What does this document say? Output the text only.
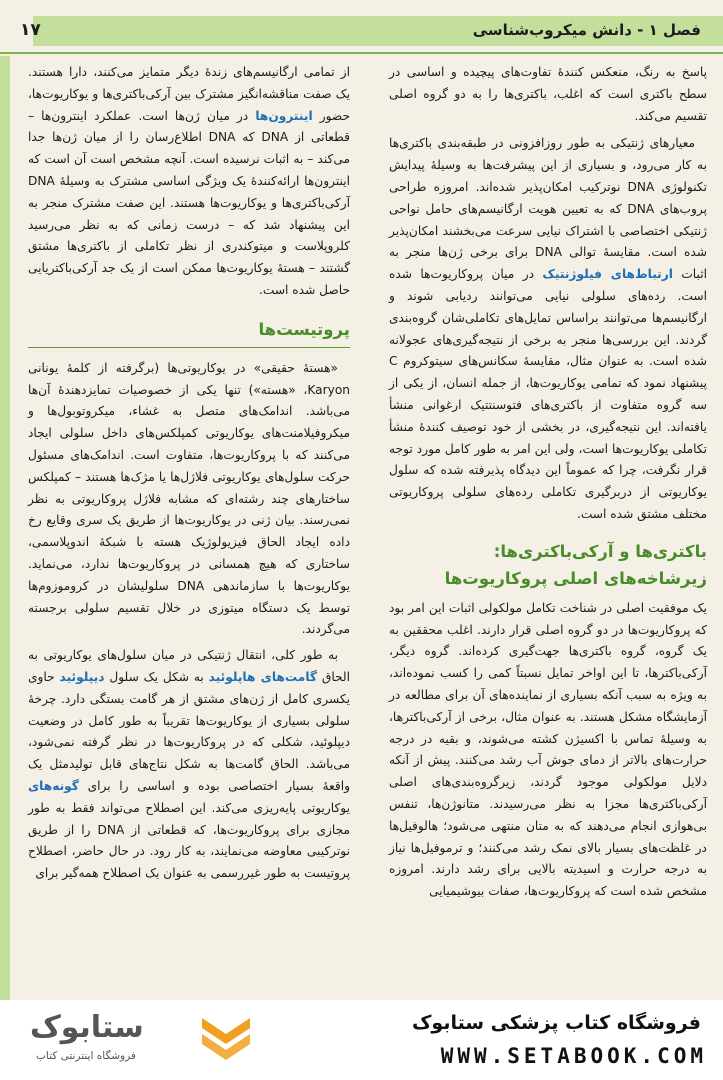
فصل ۱ - دانش میکروب‌شناسی
۱۷

پاسخ به رنگ، منعکس کنندهٔ تفاوت‌های پیچیده و اساسی در سطح باکتری است که اغلب، باکتری‌ها را به دو گروه اصلی تقسیم می‌کند.

معیارهای ژنتیکی به طور روزافزونی در طبقه‌بندی باکتری‌ها به کار می‌رود، و بسیاری از این پیشرفت‌ها به وسیلهٔ پیدایش تکنولوژی DNA نوترکیب امکان‌پذیر شده‌اند. امروزه طراحی پروب‌های DNA که به تعیین هویت ارگانیسم‌های حامل نواحی ژنتیکی اختصاصی با اشتراک نیایی سرعت می‌بخشند امکان‌پذیر شده است. مقایسهٔ توالی DNA برای برخی ژن‌ها منجر به اثبات ارتباط‌های فیلوژنتیک در میان پروکاریوت‌ها شده است. رده‌های سلولی نیایی می‌توانند ردیابی شوند و ارگانیسم‌ها می‌توانند براساس تمایل‌های تکاملی‌شان گروه‌بندی گردند. این بررسی‌ها منجر به برخی از نتیجه‌گیری‌های عجولانه شده است. به عنوان مثال، مقایسهٔ سکانس‌های سیتوکروم C پیشنهاد نمود که تمامی یوکاریوت‌ها، از جمله انسان، از یکی از سه گروه متفاوت از باکتری‌های فتوسنتتیک ارغوانی منشأ یافته‌اند. این نتیجه‌گیری، در بخشی از خود توصیف کنندهٔ منشأ تکاملی یوکاریوت‌ها است، ولی این امر به طور کامل مورد توجه قرار نگرفت، چرا که عموماً این دیدگاه پذیرفته شده که سلول یوکاریوتی از دربرگیری تکاملی رده‌های سلولی پروکاریوتی مختلف مشتق شده است.

باکتری‌ها و آرکی‌باکتری‌ها: زیرشاخه‌های اصلی پروکاریوت‌ها

یک موفقیت اصلی در شناخت تکامل مولکولی اثبات این امر بود که پروکاریوت‌ها در دو گروه اصلی قرار دارند. اغلب محققین به یک گروه، گروه باکتری‌ها جهت‌گیری کرده‌اند. گروه دیگر، آرکی‌باکترها، تا این اواخر تمایل نسبتاً کمی را کسب نموده‌اند، به ویژه به سبب آنکه بسیاری از نماینده‌های آن برای مطالعه در آزمایشگاه مشکل هستند. به عنوان مثال، برخی از آرکی‌باکترها، به وسیلهٔ تماس با اکسیژن کشته می‌شوند، و بقیه در درجه حرارت‌های بالاتر از دمای جوش آب رشد می‌کنند. پیش از آنکه دلایل مولکولی موجود گردند، زیرگروه‌بندی‌های اصلی آرکی‌باکتری‌ها مجزا به نظر می‌رسیدند. متانوژن‌ها، تنفس بی‌هوازی انجام می‌دهند که به متان منتهی می‌شود؛ هالوفیل‌ها در غلظت‌های بسیار بالای نمک رشد می‌کنند؛ و ترموفیل‌ها نیاز به درجه حرارت و اسیدیته بالایی برای رشد دارند. امروزه مشخص شده است که پروکاریوت‌ها، صفات بیوشیمیایی

از تمامی ارگانیسم‌های زندهٔ دیگر متمایز می‌کنند، دارا هستند. یک صفت مناقشه‌انگیز مشترک بین آرکی‌باکتری‌ها و یوکاریوت‌ها، حضور اینترون‌ها در میان ژن‌ها است. عملکرد اینترون‌ها – قطعاتی از DNA که DNA اطلاع‌رسان را از میان ژن‌ها جدا می‌کند – به اثبات نرسیده است. آنچه مشخص است آن است که اینترون‌ها ارائه‌کنندهٔ یک ویژگی اساسی مشترک به وسیلهٔ DNA آرکی‌باکتری‌ها و یوکاریوت‌ها هستند. این صفت مشترک منجر به این پیشنهاد شد که – درست زمانی که به نظر می‌رسید کلروپلاست و میتوکندری از نظر تکاملی از باکتری‌ها مشتق گشتند – هستهٔ یوکاریوت‌ها ممکن است از یک جد آرکی‌باکتریایی حاصل شده است.

پروتیست‌ها

«هستهٔ حقیقی» در یوکاریوتی‌ها (برگرفته از کلمهٔ یونانی Karyon، «هسته») تنها یکی از خصوصیات تمایزدهندهٔ آن‌ها می‌باشد. اندامک‌های متصل به غشاء، میکروتوبول‌ها و میکروفیلامنت‌های یوکاریوتی کمپلکس‌های داخل سلولی ایجاد می‌کنند که با پروکاریوت‌ها، متفاوت است. اندامک‌های مسئول حرکت سلول‌های یوکاریوتی فلاژل‌ها یا مژک‌ها هستند – کمپلکس ساختارهای چند رشته‌ای که مشابه فلاژل پروکاریوتی به نظر نمی‌رسند. بیان ژنی در یوکاریوت‌ها از طریق یک سری وقایع رخ داده ایجاد الحاق فیزیولوژیک هسته با شبکهٔ اندوپلاسمی، ساختاری که هیچ همسانی در پروکاریوت‌ها ندارد، می‌نماید. یوکاریوت‌ها با سازماندهی DNA سلولیشان در کروموزوم‌ها توسط یک دستگاه میتوزی در خلال تقسیم سلولی برجسته می‌گردند.

به طور کلی، انتقال ژنتیکی در میان سلول‌های یوکاریوتی به الحاق گامت‌های هاپلوئید به شکل یک سلول دیپلوئید حاوی یکسری کامل از ژن‌های مشتق از هر گامت بستگی دارد. چرخهٔ سلولی بسیاری از یوکاریوت‌ها تقریباً به طور کامل در وضعیت دیپلوئید، شکلی که در پروکاریوت‌ها در نظر گرفته نمی‌شود، می‌باشد. الحاق گامت‌ها به شکل نتاج‌های قابل تولیدمثل یک واقعهٔ بسیار اختصاصی بوده و اساسی را برای گونه‌های یوکاریوتی پایه‌ریزی می‌کند. این اصطلاح می‌تواند فقط به طور مجازی برای پروکاریوت‌ها، که قطعاتی از DNA را از طریق نوترکیبی معاوضه می‌نمایند، به کار رود. در حال حاضر، اصطلاح پروتیست به طور غیررسمی به عنوان یک اصطلاح همه‌گیر برای

فروشگاه کتاب پزشکی ستابوک
WWW.SETABOOK.COM
ستابوک
فروشگاه اینترنتی کتاب
